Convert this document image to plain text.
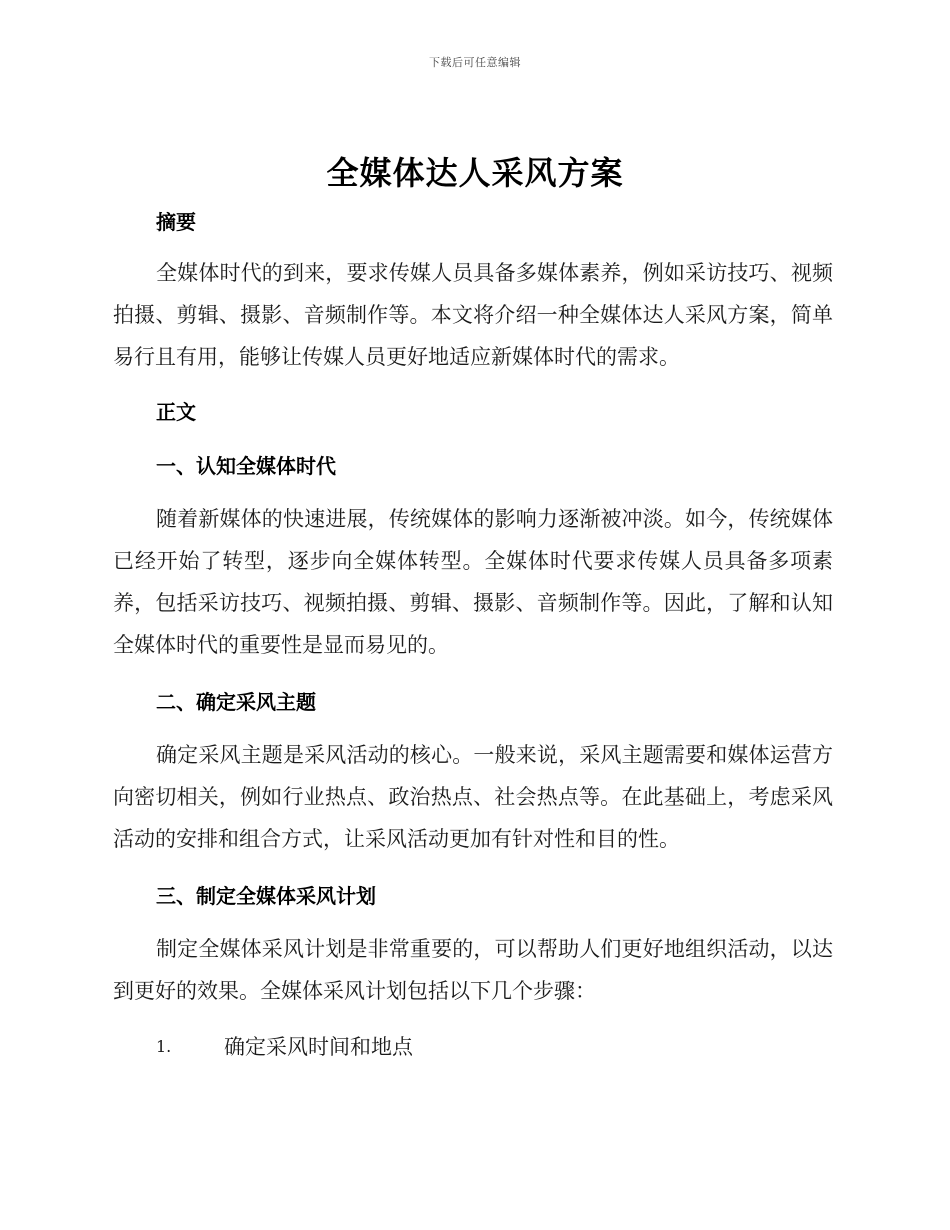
下载后可任意编辑
全媒体达人采风方案

摘要

全媒体时代的到来，要求传媒人员具备多媒体素养，例如采访技巧、视频拍摄、剪辑、摄影、音频制作等。本文将介绍一种全媒体达人采风方案，简单易行且有用，能够让传媒人员更好地适应新媒体时代的需求。

正文

一、认知全媒体时代

随着新媒体的快速进展，传统媒体的影响力逐渐被冲淡。如今，传统媒体已经开始了转型，逐步向全媒体转型。全媒体时代要求传媒人员具备多项素养，包括采访技巧、视频拍摄、剪辑、摄影、音频制作等。因此，了解和认知全媒体时代的重要性是显而易见的。

二、确定采风主题

确定采风主题是采风活动的核心。一般来说，采风主题需要和媒体运营方向密切相关，例如行业热点、政治热点、社会热点等。在此基础上，考虑采风活动的安排和组合方式，让采风活动更加有针对性和目的性。

三、制定全媒体采风计划

制定全媒体采风计划是非常重要的，可以帮助人们更好地组织活动，以达到更好的效果。全媒体采风计划包括以下几个步骤：

1.	确定采风时间和地点
